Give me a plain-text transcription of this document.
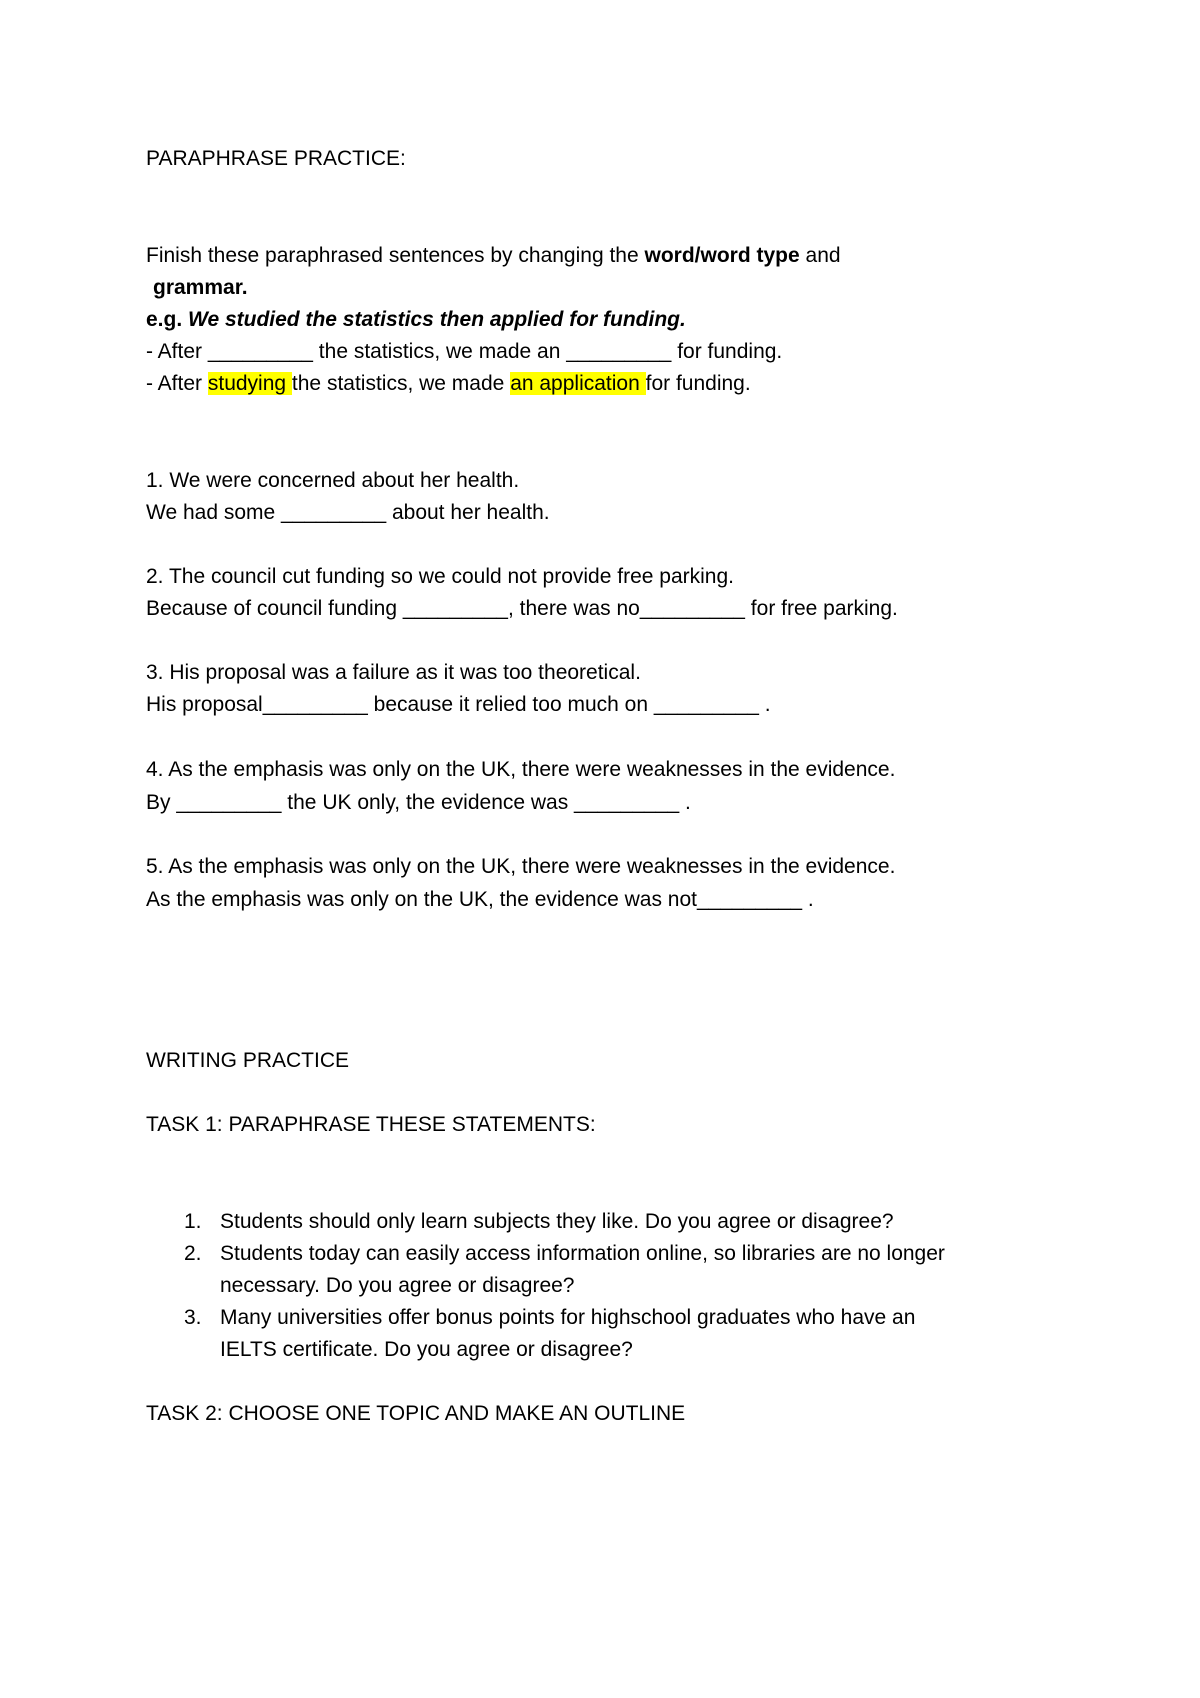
PARAPHRASE PRACTICE:
Finish these paraphrased sentences by changing the word/word type and
grammar.
e.g. We studied the statistics then applied for funding.
- After _________ the statistics, we made an _________ for funding.
- After studying the statistics, we made an application for funding.
1. We were concerned about her health.
We had some _________ about her health.
2. The council cut funding so we could not provide free parking.
Because of council funding _________, there was no_________ for free parking.
3. His proposal was a failure as it was too theoretical.
His proposal_________ because it relied too much on _________ .
4. As the emphasis was only on the UK, there were weaknesses in the evidence.
By _________ the UK only, the evidence was _________ .
5. As the emphasis was only on the UK, there were weaknesses in the evidence.
As the emphasis was only on the UK, the evidence was not_________ .
WRITING PRACTICE
TASK 1: PARAPHRASE THESE STATEMENTS:
1. Students should only learn subjects they like. Do you agree or disagree?
2. Students today can easily access information online, so libraries are no longer
necessary. Do you agree or disagree?
3. Many universities offer bonus points for highschool graduates who have an
IELTS certificate. Do you agree or disagree?
TASK 2: CHOOSE ONE TOPIC AND MAKE AN OUTLINE
